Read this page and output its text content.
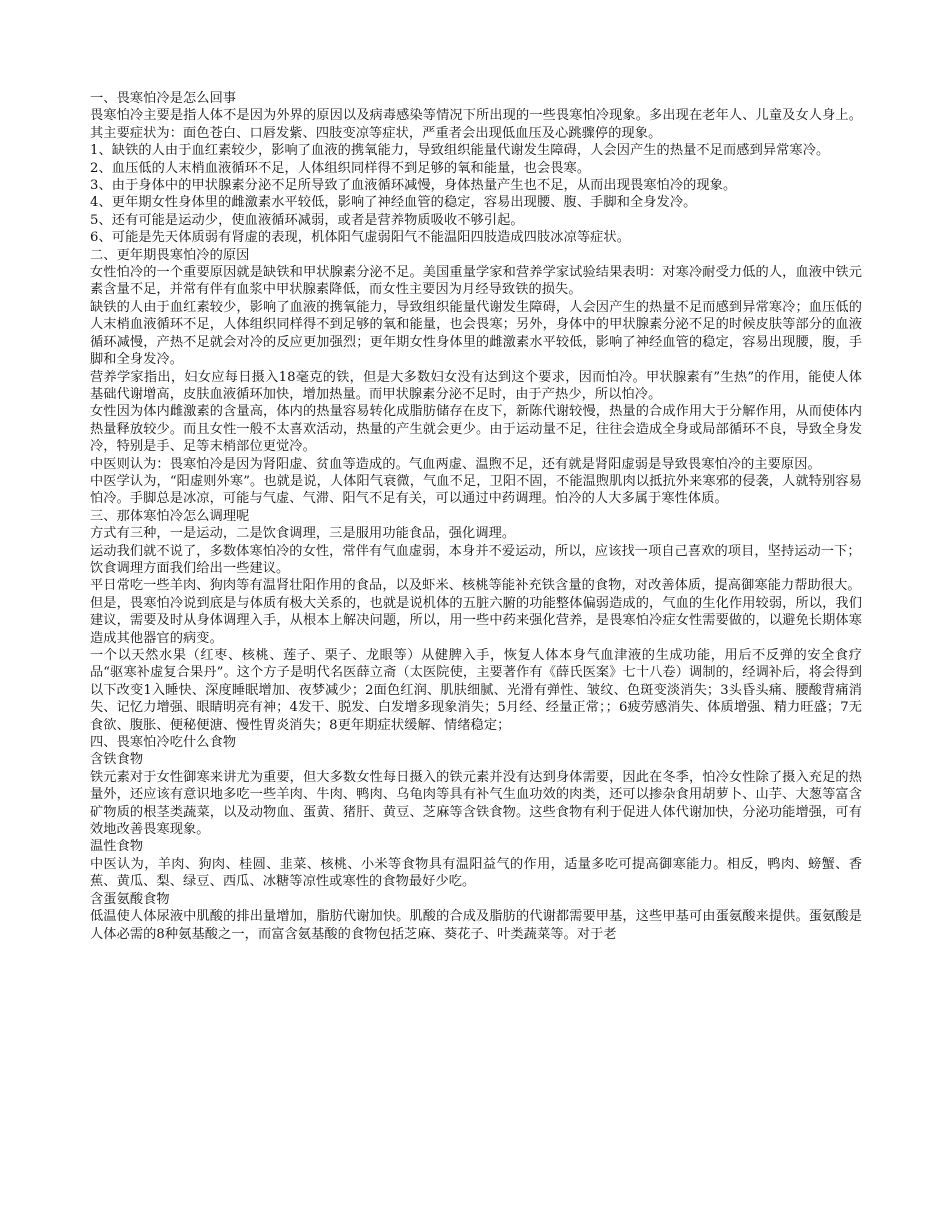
一、畏寒怕冷是怎么回事

畏寒怕冷主要是指人体不是因为外界的原因以及病毒感染等情况下所出现的一些畏寒怕冷现象。多出现在老年人、儿童及女人身上。其主要症状为：面色苍白、口唇发紫、四肢变凉等症状，严重者会出现低血压及心跳骤停的现象。

1、缺铁的人由于血红素较少，影响了血液的携氧能力，导致组织能量代谢发生障碍，人会因产生的热量不足而感到异常寒冷。

2、血压低的人末梢血液循环不足，人体组织同样得不到足够的氧和能量，也会畏寒。

3、由于身体中的甲状腺素分泌不足所导致了血液循环减慢，身体热量产生也不足，从而出现畏寒怕冷的现象。

4、更年期女性身体里的雌激素水平较低，影响了神经血管的稳定，容易出现腰、腹、手脚和全身发冷。

5、还有可能是运动少，使血液循环减弱，或者是营养物质吸收不够引起。

6、可能是先天体质弱有肾虚的表现，机体阳气虚弱阳气不能温阳四肢造成四肢冰凉等症状。

二、更年期畏寒怕冷的原因

女性怕冷的一个重要原因就是缺铁和甲状腺素分泌不足。美国重量学家和营养学家试验结果表明：对寒冷耐受力低的人，血液中铁元素含量不足，并常有伴有血浆中甲状腺素降低，而女性主要因为月经导致铁的损失。

缺铁的人由于血红素较少，影响了血液的携氧能力，导致组织能量代谢发生障碍，人会因产生的热量不足而感到异常寒冷；血压低的人末梢血液循环不足，人体组织同样得不到足够的氧和能量，也会畏寒；另外，身体中的甲状腺素分泌不足的时候皮肤等部分的血液循环减慢，产热不足就会对冷的反应更加强烈；更年期女性身体里的雌激素水平较低，影响了神经血管的稳定，容易出现腰，腹，手脚和全身发冷。

营养学家指出，妇女应每日摄入18毫克的铁，但是大多数妇女没有达到这个要求，因而怕冷。甲状腺素有”生热”的作用，能使人体基础代谢增高，皮肤血液循环加快，增加热量。而甲状腺素分泌不足时，由于产热少，所以怕冷。

女性因为体内雌激素的含量高，体内的热量容易转化成脂肪储存在皮下，新陈代谢较慢，热量的合成作用大于分解作用，从而使体内热量释放较少。而且女性一般不太喜欢活动，热量的产生就会更少。由于运动量不足，往往会造成全身或局部循环不良，导致全身发冷，特别是手、足等末梢部位更觉冷。

中医则认为：畏寒怕冷是因为肾阳虚、贫血等造成的。气血两虚、温煦不足，还有就是肾阳虚弱是导致畏寒怕冷的主要原因。

中医学认为，“阳虚则外寒”。也就是说，人体阳气衰微，气血不足，卫阳不固，不能温煦肌肉以抵抗外来寒邪的侵袭，人就特别容易怕冷。手脚总是冰凉，可能与气虚、气滞、阳气不足有关，可以通过中药调理。怕冷的人大多属于寒性体质。

三、那体寒怕冷怎么调理呢

方式有三种，一是运动，二是饮食调理，三是服用功能食品，强化调理。

运动我们就不说了，多数体寒怕冷的女性，常伴有气血虚弱，本身并不爱运动，所以，应该找一项自己喜欢的项目，坚持运动一下；

饮食调理方面我们给出一些建议。

平日常吃一些羊肉、狗肉等有温肾壮阳作用的食品，以及虾米、核桃等能补充铁含量的食物，对改善体质，提高御寒能力帮助很大。

但是，畏寒怕冷说到底是与体质有极大关系的，也就是说机体的五脏六腑的功能整体偏弱造成的，气血的生化作用较弱，所以，我们建议，需要及时从身体调理入手，从根本上解决问题，所以，用一些中药来强化营养，是畏寒怕冷症女性需要做的，以避免长期体寒造成其他器官的病变。

一个以天然水果（红枣、核桃、莲子、栗子、龙眼等）从健脾入手，恢复人体本身气血津液的生成功能，用后不反弹的安全食疗品“驱寒补虚复合果丹”。这个方子是明代名医薛立斋（太医院使，主要著作有《薛氏医案》七十八卷）调制的，经调补后，将会得到以下改变1入睡快、深度睡眠增加、夜梦减少；2面色红润、肌肤细腻、光滑有弹性、皱纹、色斑变淡消失；3头昏头痛、腰酸背痛消失、记忆力增强、眼睛明亮有神；4发干、脱发、白发增多现象消失；5月经、经量正常；；6疲劳感消失、体质增强、精力旺盛；7无食欲、腹胀、便秘便溏、慢性胃炎消失；8更年期症状缓解、情绪稳定；

四、畏寒怕冷吃什么食物

含铁食物

铁元素对于女性御寒来讲尤为重要，但大多数女性每日摄入的铁元素并没有达到身体需要，因此在冬季，怕冷女性除了摄入充足的热量外，还应该有意识地多吃一些羊肉、牛肉、鸭肉、乌龟肉等具有补气生血功效的肉类，还可以掺杂食用胡萝卜、山芋、大葱等富含矿物质的根茎类蔬菜，以及动物血、蛋黄、猪肝、黄豆、芝麻等含铁食物。这些食物有利于促进人体代谢加快，分泌功能增强，可有效地改善畏寒现象。

温性食物

中医认为，羊肉、狗肉、桂圆、韭菜、核桃、小米等食物具有温阳益气的作用，适量多吃可提高御寒能力。相反，鸭肉、螃蟹、香蕉、黄瓜、梨、绿豆、西瓜、冰糖等凉性或寒性的食物最好少吃。

含蛋氨酸食物

低温使人体尿液中肌酸的排出量增加，脂肪代谢加快。肌酸的合成及脂肪的代谢都需要甲基，这些甲基可由蛋氨酸来提供。蛋氨酸是人体必需的8种氨基酸之一，而富含氨基酸的食物包括芝麻、葵花子、叶类蔬菜等。对于老
